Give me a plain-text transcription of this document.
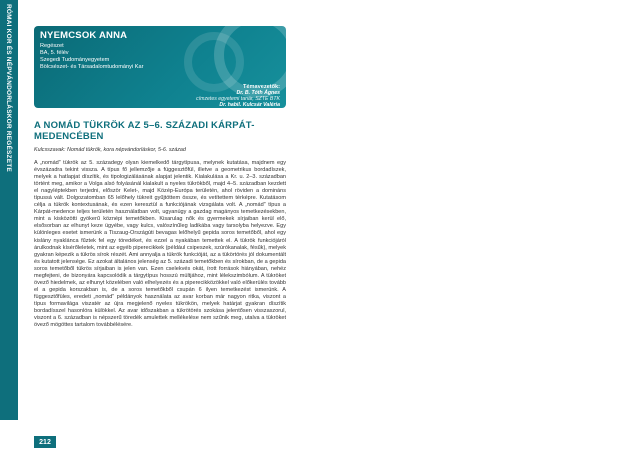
RÓMAI KOR ÉS NÉPVÁNDORLÁSKOR REGÉSZETE	NYEMCSOK ANNA
Regészet
BA, 5. félév
Szegedi Tudományegyetem
Bölcsészet- és Társadalomtudományi Kar
Témavezetők:
Dr. B. Tóth Ágnes
címzetes egyetemi tanár, SZTE BTK
Dr. habil. Kulcsár Valéria
címzetes egyetemi tanár, SZTE BTK
A NOMÁD TÜKRÖK AZ 5–6. SZÁZADI KÁRPÁT-
MEDENCÉBEN
Kulcsszavak: Nomád tükrök, kora népvándorláskor, 5-6. század
A „nomád” tükrök az 5. századegy olyan kiemelkedő tárgytípusa, melynek kutatása, majdnem egy évszázadra tekint vissza. A típus fő jellemzője a függesztőfül, illetve a geometrikus bordadíszek, melyek a hatlapjat díszítik, és tipologizálásának alapjat jelentik. Kialakulása a Kr. u. 2–3. században történt meg, amikor a Volga alsó folyásánál kialakult a nyeles tükrökből, majd 4–5. században kezdett el nagyléptekben terjedni, először Kelet-, majd Közép-Európa területén, ahol röviden a domináns típussá vált. Dolgozatomban 65 lelőhely tükreit gyűjtöttem össze, és vetítettem térképre. Kutatásom célja a tükrök kontextusának, és ezen keresztül a funkciójának vizsgálata volt. A „nomád” típus a Kárpát-medence teljes területén használatban volt, ugyanúgy a gazdag magányos temetkezésekben, mint a kisközötti gyökerű köznépi temetőkben. Kisarulag nők és gyermekek sírjaiban kerül elő, elsősorban az elhunyt keze ügyébe, vagy kulcs, valószínűleg ladikába vagy tarsolyba helyezve. Egy különleges esetet ismerünk a Tiszaug-Országúti bevagas lelőhelyű gepida soros temetőből, ahol egy kislány nyaklánca fűztek fel egy töredéket, és ezzel a nyakában temettek el. A tükrök funkciójáról árulkodnak kísérőleletek, mint az egyéb piperecikkek (például csipeszek, szúrókanalak, fésűk), melyek gyakran képezik a tükrös sírok részét. Ami annyalja a tükrök funkcióját, az a tükörtörés jól dokumentált és kutatott jelensége. Ez azokat általános jelenség az 5. századi temetőkben és sírokban, de a gepida soros temetőből tükrös sírjaiban is jelen van. Ezen cselekvés okát, írott források hiányában, nehéz megfejteni, de bizonyára kapcsolódik a tárgytípus hosszú múltjához, mint lélekszimbólum. A tükröket övező hiedelmek, az elhunyt közelében való elhelyezés és a piperecikközökkel való előkerülés tovább el a gepida korszakban is, de a soros temetőkből csupán 6 ilyen temetkezést ismerünk. A függesztőfüles, eredeti „nomád” példányok használata az avar korban már nagyon ritka, viszont a típus formavilága viszatér az újra megjelenő nyeles tükrökön, melyek határjat gyakran díszítik bordadísszel hasonlóra külökkel. Az avar időszakban a tükrötörés szokása jelentősen visszaszorul, viszont a 6. században is népszerű töredék amulettek mellékelése nem szűnik meg, utalva a tükröket övező mögöttes tartalom továbbélésére.
212
